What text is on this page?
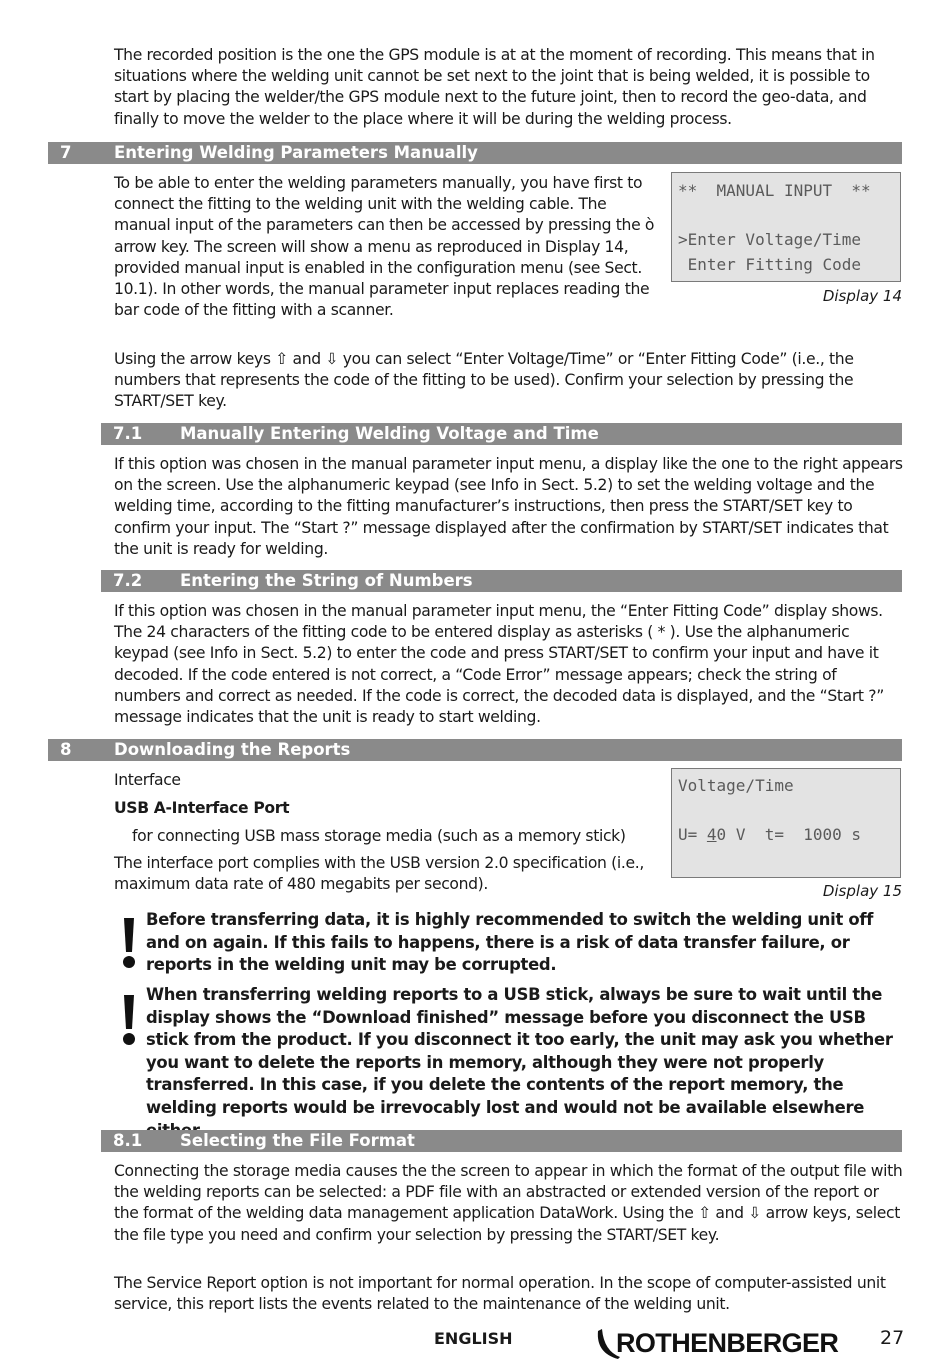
The recorded position is the one the GPS module is at at the moment of recording. This means that in situations where the welding unit cannot be set next to the joint that is being welded, it is possible to start by placing the welder/the GPS module next to the future joint, then to record the geo-data, and finally to move the welder to the place where it will be during the welding process.

7	Entering Welding Parameters Manually

To be able to enter the welding parameters manually, you have first to connect the fitting to the welding unit with the welding cable. The manual input of the parameters can then be accessed by pressing the ò arrow key. The screen will show a menu as reproduced in Display 14, provided manual input is enabled in the configuration menu (see Sect. 10.1). In other words, the manual parameter input replaces reading the bar code of the fitting with a scanner.

**  MANUAL INPUT  **
>Enter Voltage/Time
Enter Fitting Code
Display 14

Using the arrow keys ⇧ and ⇩ you can select “Enter Voltage/Time” or “Enter Fitting Code” (i.e., the numbers that represents the code of the fitting to be used). Confirm your selection by pressing the START/SET key.

7.1 Manually Entering Welding Voltage and Time

If this option was chosen in the manual parameter input menu, a display like the one to the right appears on the screen. Use the alphanumeric keypad (see Info in Sect. 5.2) to set the welding voltage and the welding time, according to the fitting manufacturer’s instructions, then press the START/SET key to confirm your input. The “Start ?” message displayed after the confirmation by START/SET indicates that the unit is ready for welding.

7.2 Entering the String of Numbers

If this option was chosen in the manual parameter input menu, the “Enter Fitting Code” display shows. The 24 characters of the fitting code to be entered display as asterisks ( * ). Use the alphanumeric keypad (see Info in Sect. 5.2) to enter the code and press START/SET to confirm your input and have it decoded. If the code entered is not correct, a “Code Error” message appears; check the string of numbers and correct as needed. If the code is correct, the decoded data is displayed, and the “Start ?” message indicates that the unit is ready to start welding.

8	Downloading the Reports

Interface

USB A-Interface Port

for connecting USB mass storage media (such as a memory stick)

The interface port complies with the USB version 2.0 specification (i.e., maximum data rate of 480 megabits per second).

Voltage/Time
U= 40 V  t=  1000 s
Display 15

Before transferring data, it is highly recommended to switch the welding unit off and on again. If this fails to happens, there is a risk of data transfer failure, or reports in the welding unit may be corrupted.

When transferring welding reports to a USB stick, always be sure to wait until the display shows the “Download finished” message before you disconnect the USB stick from the product. If you disconnect it too early, the unit may ask you whether you want to delete the reports in memory, although they were not properly transferred. In this case, if you delete the contents of the report memory, the welding reports would be irrevocably lost and would not be available elsewhere

8.1 Selecting the File Format

Connecting the storage media causes the the screen to appear in which the format of the output file with the welding reports can be selected: a PDF file with an abstracted or extended version of the report or the format of the welding data management application DataWork. Using the ⇧ and ⇩ arrow keys, select the file type you need and confirm your selection by pressing the START/SET key.

The Service Report option is not important for normal operation. In the scope of computer-assisted unit service, this report lists the events related to the maintenance of the welding unit.

ENGLISH	ROTHENBERGER 27
